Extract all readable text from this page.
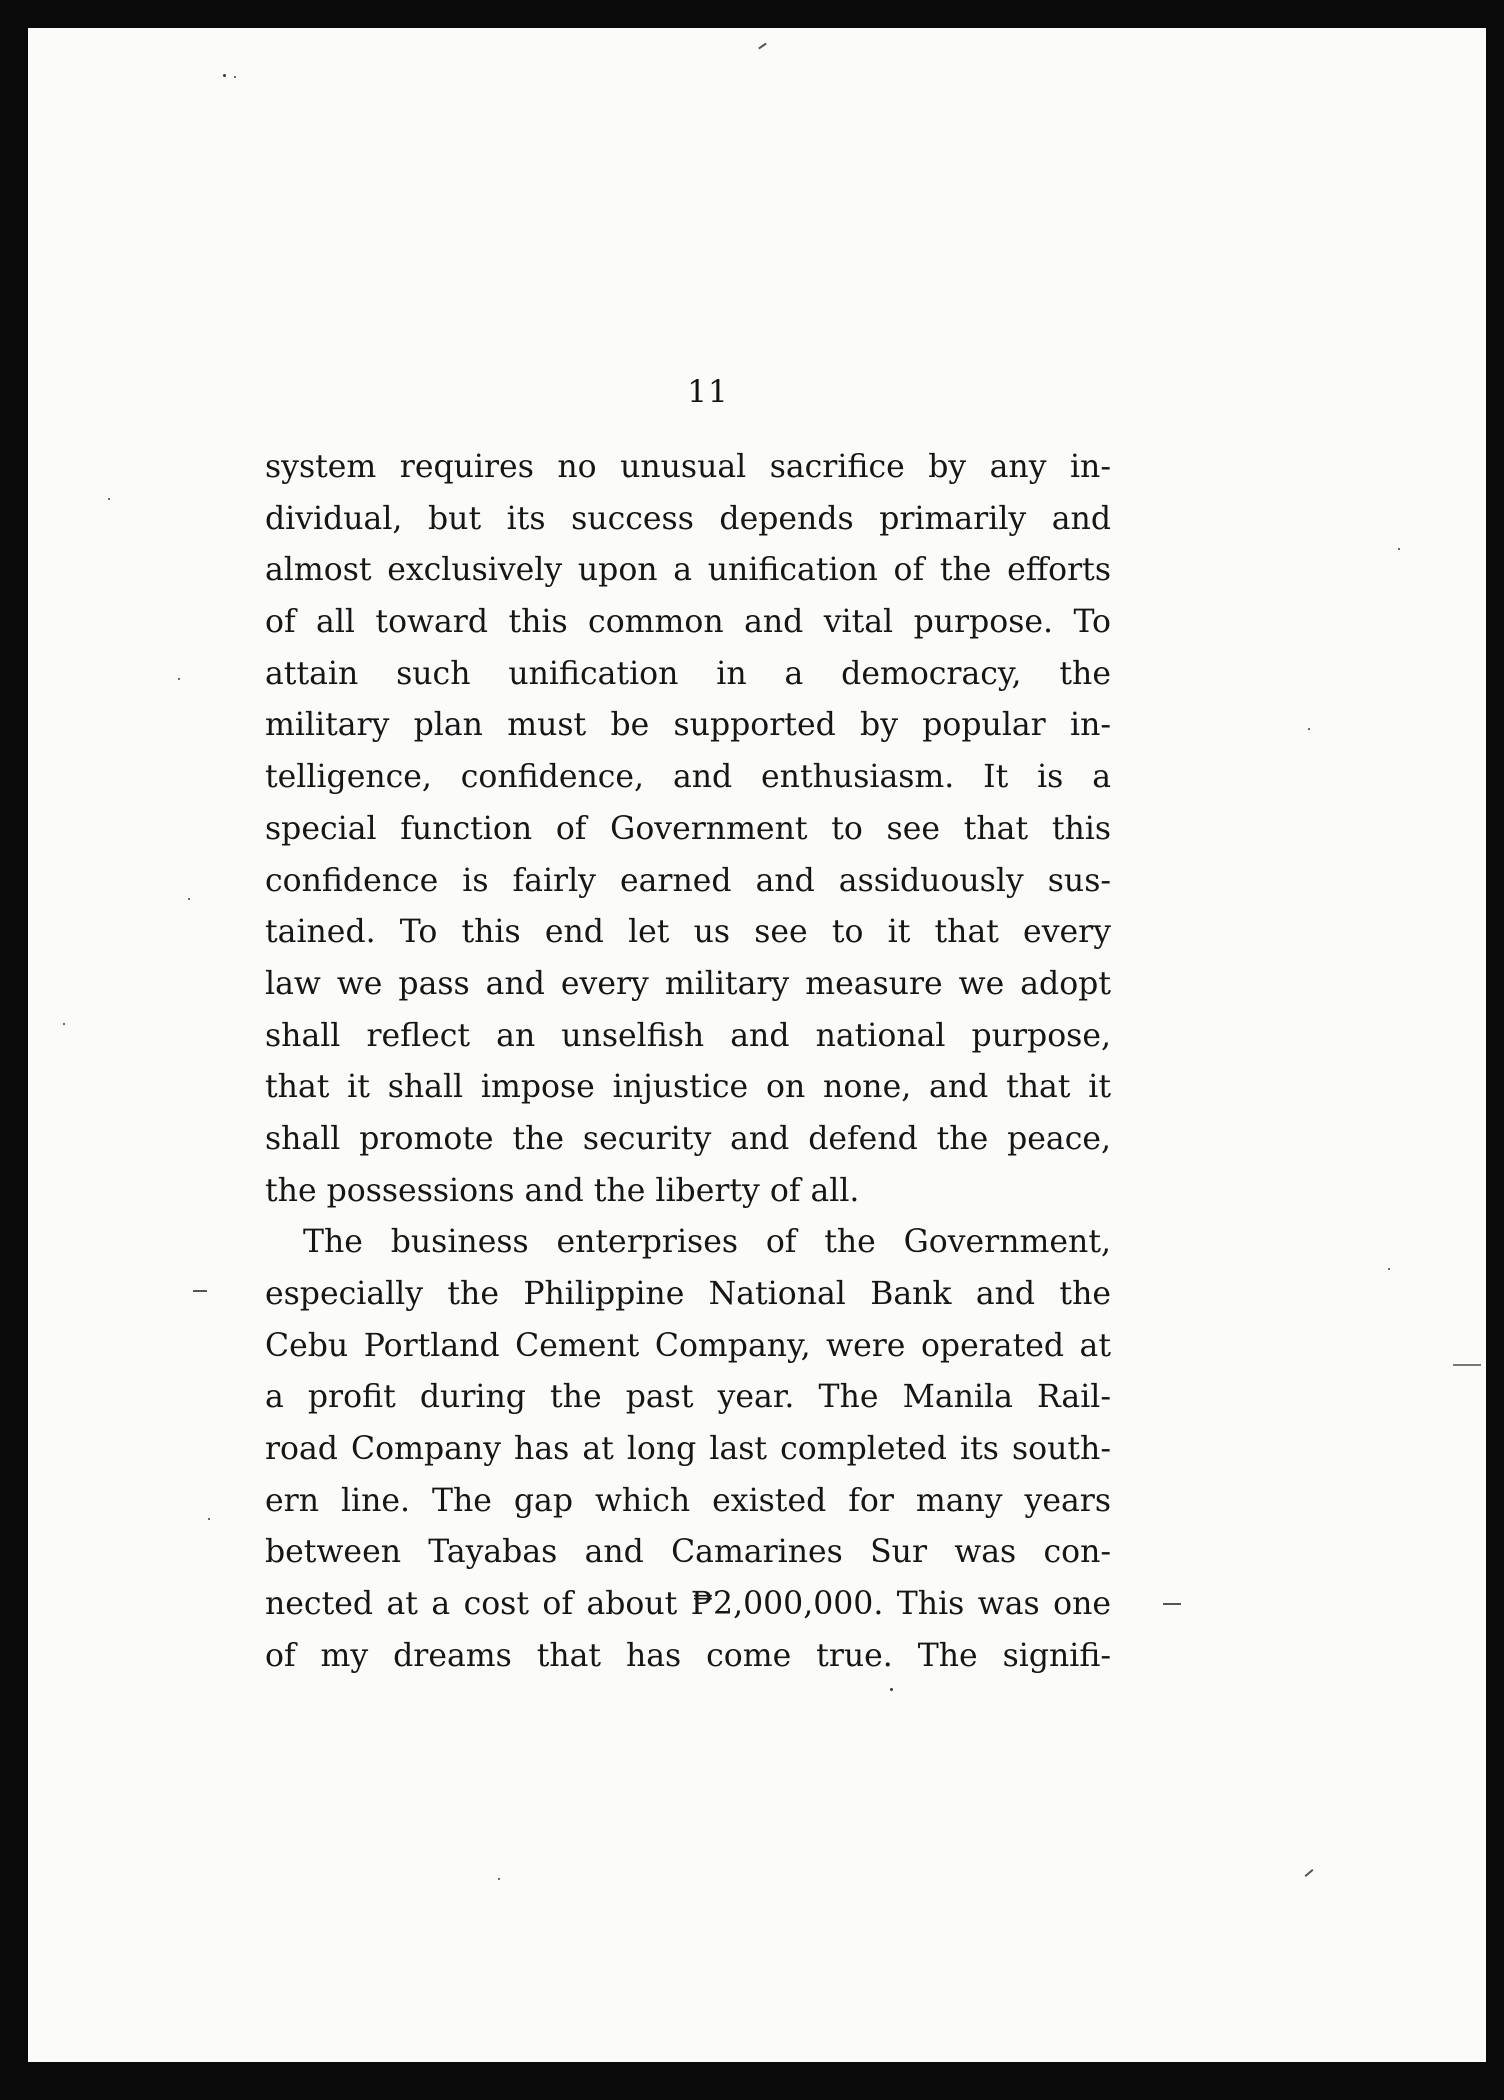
11
system requires no unusual sacrifice by any in-
dividual, but its success depends primarily and
almost exclusively upon a unification of the efforts
of all toward this common and vital purpose. To
attain such unification in a democracy, the
military plan must be supported by popular in-
telligence, confidence, and enthusiasm. It is a
special function of Government to see that this
confidence is fairly earned and assiduously sus-
tained. To this end let us see to it that every
law we pass and every military measure we adopt
shall reflect an unselfish and national purpose,
that it shall impose injustice on none, and that it
shall promote the security and defend the peace,
the possessions and the liberty of all.
The business enterprises of the Government,
especially the Philippine National Bank and the
Cebu Portland Cement Company, were operated at
a profit during the past year. The Manila Rail-
road Company has at long last completed its south-
ern line. The gap which existed for many years
between Tayabas and Camarines Sur was con-
nected at a cost of about ₱2,000,000. This was one
of my dreams that has come true. The signifi-
